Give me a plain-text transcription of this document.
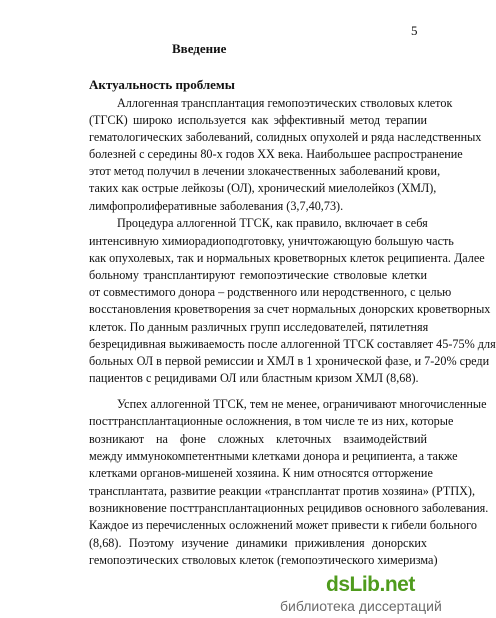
5
Введение
Актуальность проблемы
Аллогенная трансплантация гемопоэтических стволовых клеток
(ТГСК) широко используется как эффективный метод терапии
гематологических заболеваний, солидных опухолей и ряда наследственных
болезней с середины 80-х годов XX века. Наибольшее распространение
этот метод получил в лечении злокачественных заболеваний крови,
таких как острые лейкозы (ОЛ), хронический миелолейкоз (ХМЛ),
лимфопролиферативные заболевания (3,7,40,73).
Процедура аллогенной ТГСК, как правило, включает в себя
интенсивную химиорадиоподготовку, уничтожающую большую часть
как опухолевых, так и нормальных кроветворных клеток реципиента. Далее
больному трансплантируют гемопоэтические стволовые клетки
от совместимого донора – родственного или неродственного, с целью
восстановления кроветворения за счет нормальных донорских кроветворных
клеток. По данным различных групп исследователей, пятилетняя
безрецидивная выживаемость после аллогенной ТГСК составляет 45-75% для
больных ОЛ в первой ремиссии и ХМЛ в 1 хронической фазе, и 7-20% среди
пациентов с рецидивами ОЛ или бластным кризом ХМЛ (8,68).
Успех аллогенной ТГСК, тем не менее, ограничивают многочисленные
посттрансплантационные осложнения, в том числе те из них, которые
возникают на фоне сложных клеточных взаимодействий
между иммунокомпетентными клетками донора и реципиента, а также
клетками органов-мишеней хозяина. К ним относятся отторжение
трансплантата, развитие реакции «трансплантат против хозяина» (РТПХ),
возникновение посттрансплантационных рецидивов основного заболевания.
Каждое из перечисленных осложнений может привести к гибели больного
(8,68). Поэтому изучение динамики приживления донорских
гемопоэтических стволовых клеток (гемопоэтического химеризма)
dsLib.net
библиотека диссертаций
